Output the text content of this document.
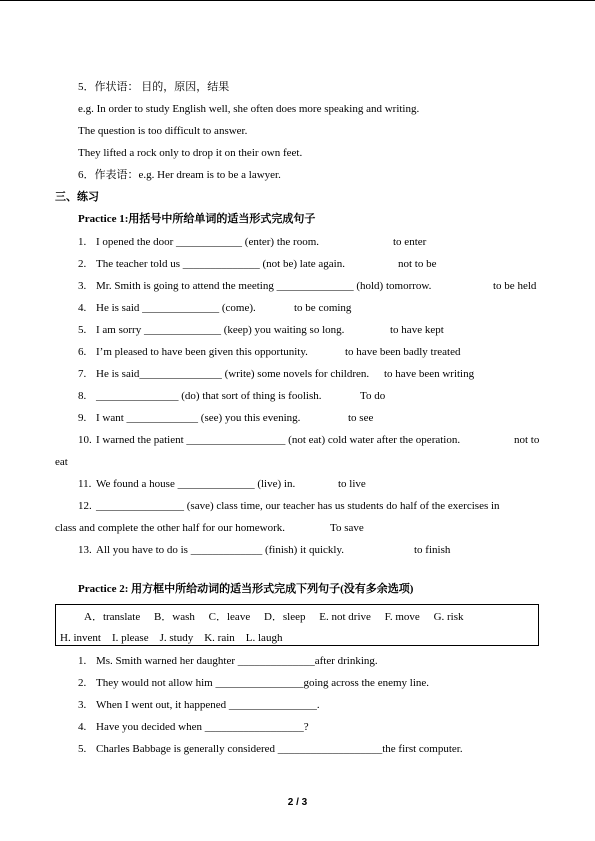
5．作状语： 目的，原因，结果
e.g. In order to study English well, she often does more speaking and writing.
The question is too difficult to answer.
They lifted a rock only to drop it on their own feet.
6．作表语：e.g. Her dream is to be a lawyer.
三、练习
Practice 1:用括号中所给单词的适当形式完成句子
1. I opened the door ____________ (enter) the room.	to enter
2. The teacher told us ______________ (not be) late again.	not to be
3. Mr. Smith is going to attend the meeting ______________ (hold) tomorrow.	to be held
4. He is said ______________ (come).	to be coming
5. I am sorry ______________ (keep) you waiting so long.	to have kept
6. I’m pleased to have been given this opportunity.	to have been badly treated
7. He is said_______________ (write) some novels for children. to have been writing
8. _______________ (do) that sort of thing is foolish.	To do
9. I want _____________ (see) you this evening.	to see
10. I warned the patient __________________ (not eat) cold water after the operation.	not to
eat
11. We found a house ______________ (live) in.	to live
12. ________________ (save) class time, our teacher has us students do half of the exercises in
class and complete the other half for our homework.	To save
13. All you have to do is _____________ (finish) it quickly.	to finish
Practice 2: 用方框中所给动词的适当形式完成下列句子(没有多余选项)
A．translate B．wash C．leave D．sleep E. not drive F. move G. risk
H. invent I. please J. study K. rain L. laugh
1. Ms. Smith warned her daughter ______________after drinking.
2. They would not allow him ________________going across the enemy line.
3. When I went out, it happened ________________.
4. Have you decided when __________________?
5. Charles Babbage is generally considered ___________________the first computer.
2 / 3
